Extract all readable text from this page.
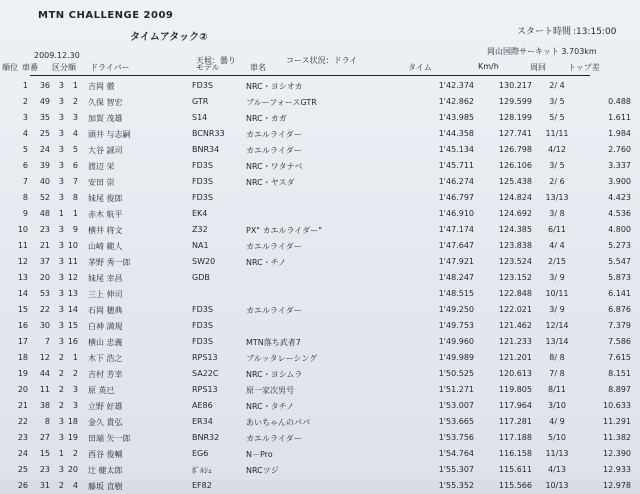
MTN CHALLENGE 2009
タイムアタック②	スタート時間 :13:15:00
2009.12.30
天候：曇り	コース状況：ドライ
岡山国際サーキット 3.703km
順位 車番 区分順 ドライバー	モデル	車名	タイム	Km/h	周回	トップ差
1	36	3	1 吉岡 徹	FD3S	NRC・ヨシオカ	1'42.374	130.217	2/ 4
2	49	3	2 久保 智宏	GTR	ブルーフォースGTR	1'42.862	129.599	3/ 5	0.488
3	35	3	3 加賀 茂雄	S14	NRC・カガ	1'43.985	128.199	5/ 5	1.611
4	25	3	4 頭井 与志嗣	BCNR33	カエルライダー	1'44.358	127.741	11/11	1.984
5	24	3	5 大谷 誠司	BNR34	カエルライダー	1'45.134	126.798	4/12	2.760
6	39	3	6 渡辺 栄	FD3S	NRC・ワタナベ	1'45.711	126.106	3/ 5	3.337
7	40	3	7 安田 崇	FD3S	NRC・ヤスダ	1'46.274	125.438	2/ 6	3.900
8	52	3	8 妹尾 俊郎	FD3S	1'46.797	124.824	13/13	4.423
9	48	1	1 赤木 航平	EK4	1'46.910	124.692	3/ 8	4.536
10	23	3	9 横井 将文	Z32	PX" カエルライダー"	1'47.174	124.385	6/11	4.800
11	21	3 10 山崎 範人	NA1	カエルライダー	1'47.647	123.838	4/ 4	5.273
12	37	3 11 茅野 秀一郎	SW20	NRC・チノ	1'47.921	123.524	2/15	5.547
13	20	3 12 妹尾 幸昌	GDB	1'48.247	123.152	3/ 9	5.873
14	53	3 13 三上 伸司	1'48.515	122.848	10/11	6.141
15	22	3 14 石岡 穂典	FD3S	カエルライダー	1'49.250	122.021	3/ 9	6.876
16	30	3 15 白神 満規	FD3S	1'49.753	121.462	12/14	7.379
17	7	3 16 横山 忠義	FD3S	MTN落ち武者7	1'49.960	121.233	13/14	7.586
18	12	2	1 木下 浩之	RPS13	ブルッタレーシング	1'49.989	121.201	8/ 8	7.615
19	44	2	2 吉村 芳幸	SA22C	NRC・ヨシムラ	1'50.525	120.613	7/ 8	8.151
20	11	2	3 原 英巳	RPS13	原一家次男号	1'51.271	119.805	8/11	8.897
21	38	2	3 立野 好雄	AE86	NRC・タチノ	1'53.007	117.964	3/10	10.633
22	8	3 18 金久 貴弘	ER34	あいちゃんのパパ	1'53.665	117.281	4/ 9	11.291
23	27	3 19 田端 矢一郎	BNR32	カエルライダー	1'53.756	117.188	5/10	11.382
24	15	1	2 西谷 俊輔	EG6	N－Pro	1'54.764	116.158	11/13	12.390
25	23	3 20 辻 健太郎	ﾎﾟﾙｼｪ	NRCツジ	1'55.307	115.611	4/13	12.933
26	31	2	4 藤坂 直樹	EF82	1'55.352	115.566	10/13	12.978
